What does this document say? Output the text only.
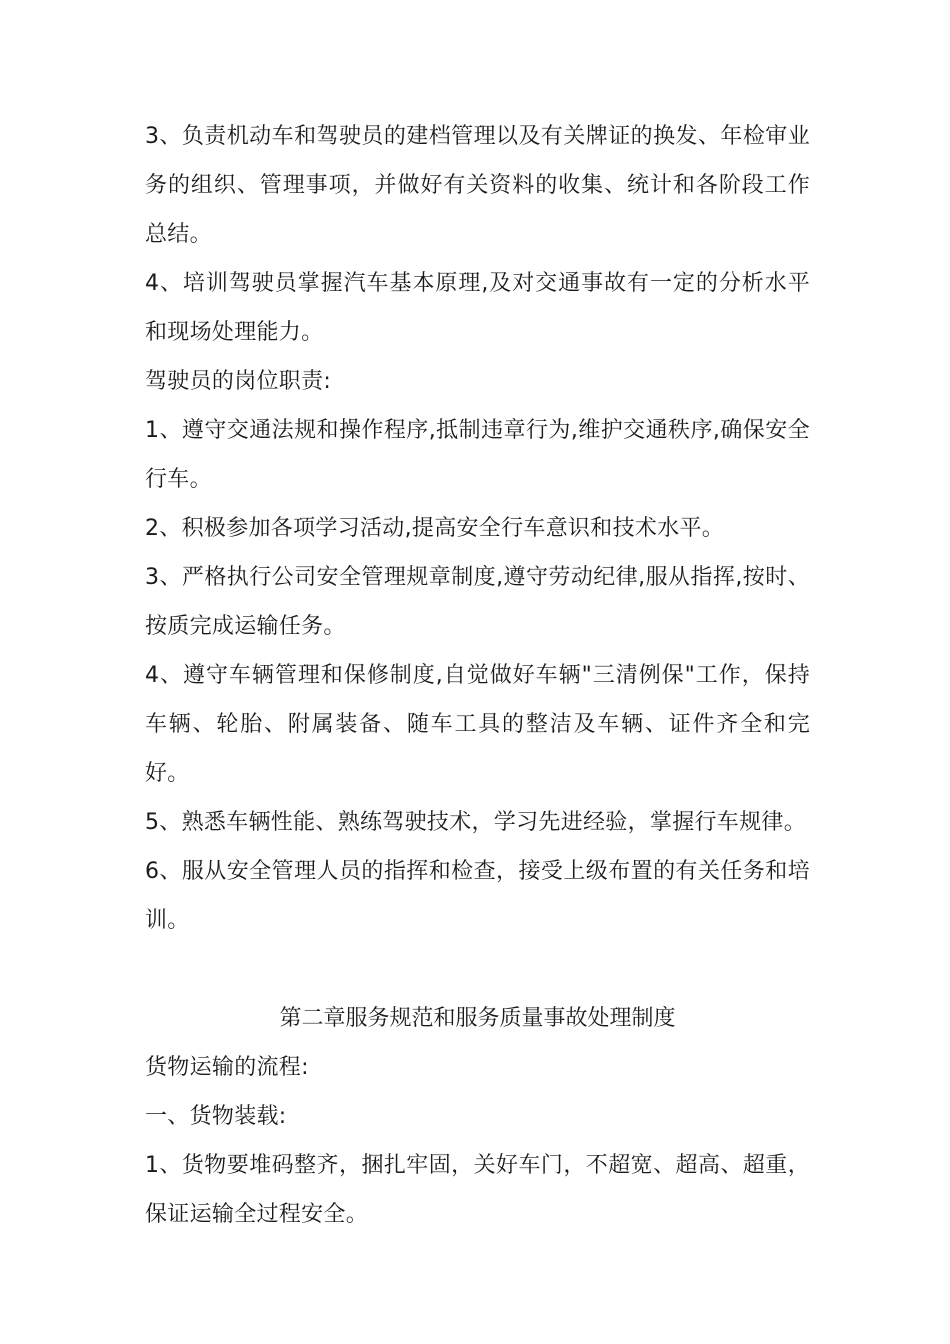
3、负责机动车和驾驶员的建档管理以及有关牌证的换发、年检审业务的组织、管理事项，并做好有关资料的收集、统计和各阶段工作总结。

4、培训驾驶员掌握汽车基本原理,及对交通事故有一定的分析水平和现场处理能力。

驾驶员的岗位职责:

1、遵守交通法规和操作程序,抵制违章行为,维护交通秩序,确保安全行车。

2、积极参加各项学习活动,提高安全行车意识和技术水平。

3、严格执行公司安全管理规章制度,遵守劳动纪律,服从指挥,按时、按质完成运输任务。

4、遵守车辆管理和保修制度,自觉做好车辆"三清例保"工作，保持车辆、轮胎、附属装备、随车工具的整洁及车辆、证件齐全和完好。

5、熟悉车辆性能、熟练驾驶技术，学习先进经验，掌握行车规律。

6、服从安全管理人员的指挥和检查，接受上级布置的有关任务和培训。

第二章服务规范和服务质量事故处理制度

货物运输的流程:

一、货物装载:

1、货物要堆码整齐，捆扎牢固，关好车门，不超宽、超高、超重，保证运输全过程安全。
